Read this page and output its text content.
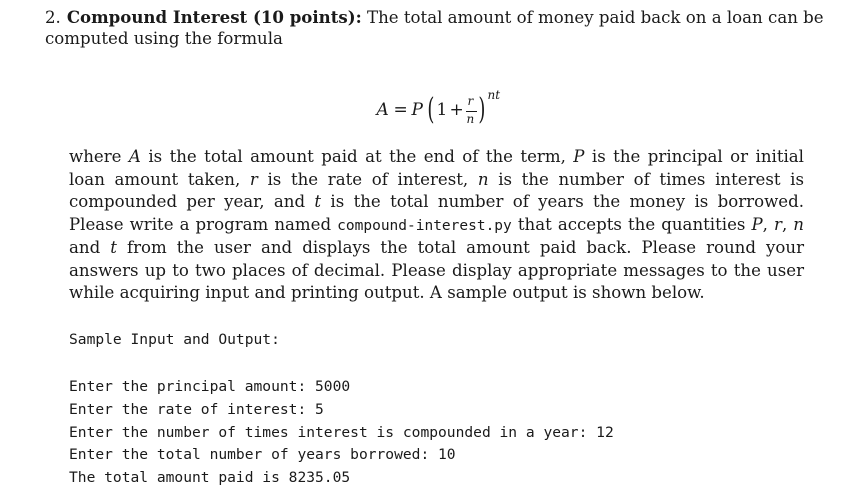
2. Compound Interest (10 points): The total amount of money paid back on a loan can be computed using the formula
A = P ( 1 + r
n ) nt
where A is the total amount paid at the end of the term, P is the principal or initial loan amount taken, r is the rate of interest, n is the number of times interest is compounded per year, and t is the total number of years the money is borrowed. Please write a program named compound-interest.py that accepts the quantities P, r, n and t from the user and displays the total amount paid back. Please round your answers up to two places of decimal. Please display appropriate messages to the user while acquiring input and printing output. A sample output is shown below.
Sample Input and Output:
Enter the principal amount: 5000
Enter the rate of interest: 5
Enter the number of times interest is compounded in a year: 12
Enter the total number of years borrowed: 10
The total amount paid is 8235.05
